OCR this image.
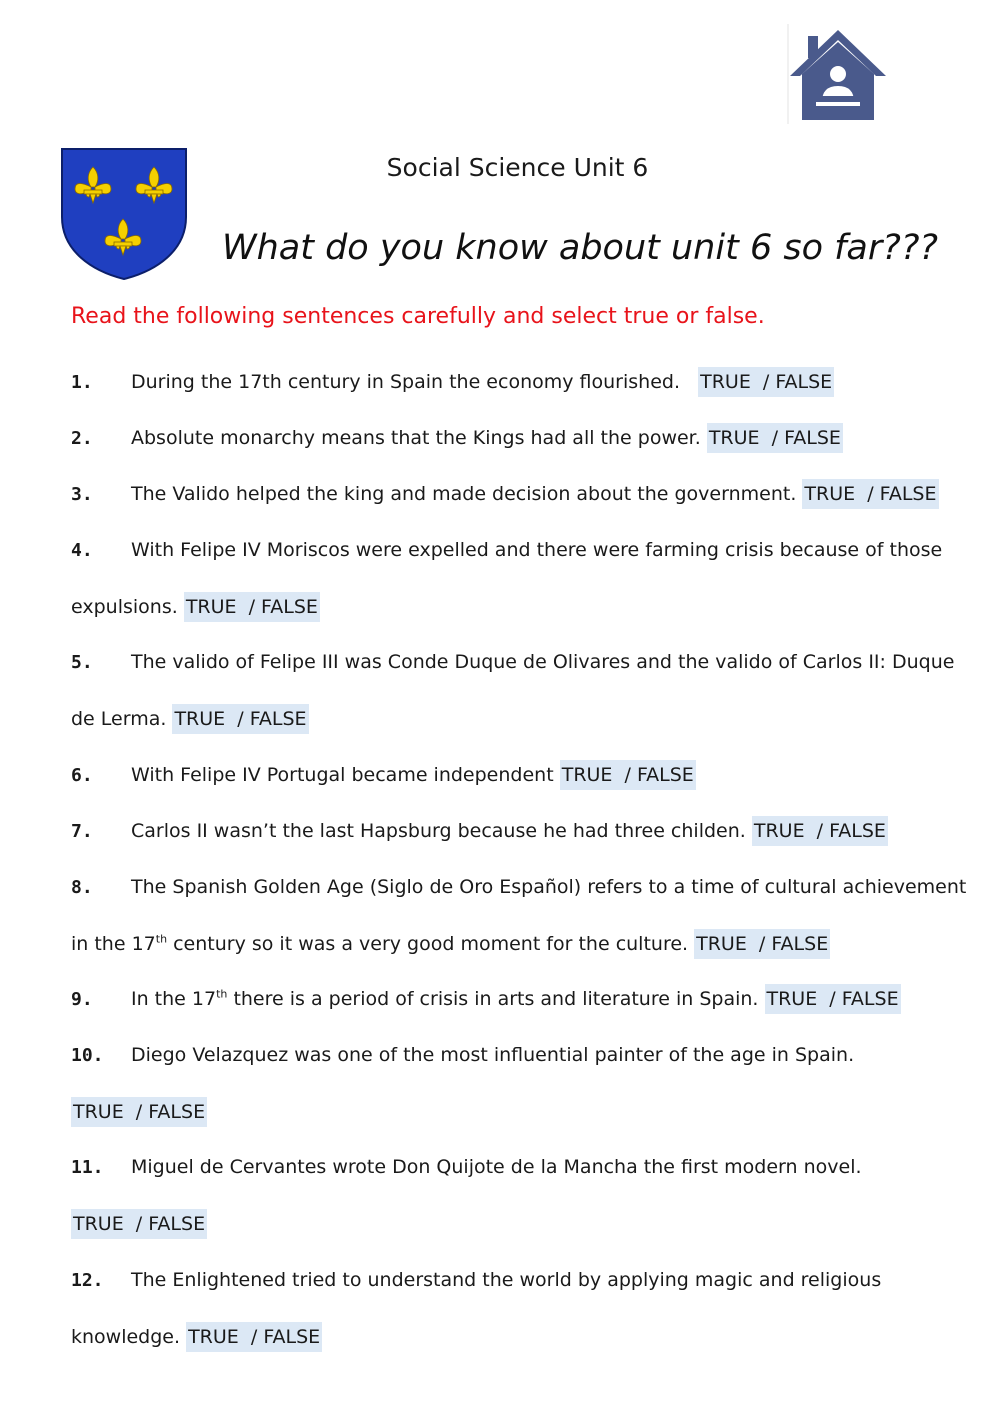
Social Science Unit 6
What do you know about unit 6 so far???

Read the following sentences carefully and select true or false.

1. During the 17th century in Spain the economy flourished. TRUE  / FALSE
2. Absolute monarchy means that the Kings had all the power. TRUE  / FALSE
3. The Valido helped the king and made decision about the government. TRUE  / FALSE
4. With Felipe IV Moriscos were expelled and there were farming crisis because of those expulsions. TRUE  / FALSE
5. The valido of Felipe III was Conde Duque de Olivares and the valido of Carlos II: Duque de Lerma. TRUE  / FALSE
6. With Felipe IV Portugal became independent TRUE  / FALSE
7. Carlos II wasn’t the last Hapsburg because he had three childen. TRUE  / FALSE
8. The Spanish Golden Age (Siglo de Oro Español) refers to a time of cultural achievement in the 17th century so it was a very good moment for the culture. TRUE  / FALSE
9. In the 17th there is a period of crisis in arts and literature in Spain. TRUE  / FALSE
10. Diego Velazquez was one of the most influential painter of the age in Spain. TRUE  / FALSE
11. Miguel de Cervantes wrote Don Quijote de la Mancha the first modern novel. TRUE  / FALSE
12. The Enlightened tried to understand the world by applying magic and religious knowledge. TRUE  / FALSE
